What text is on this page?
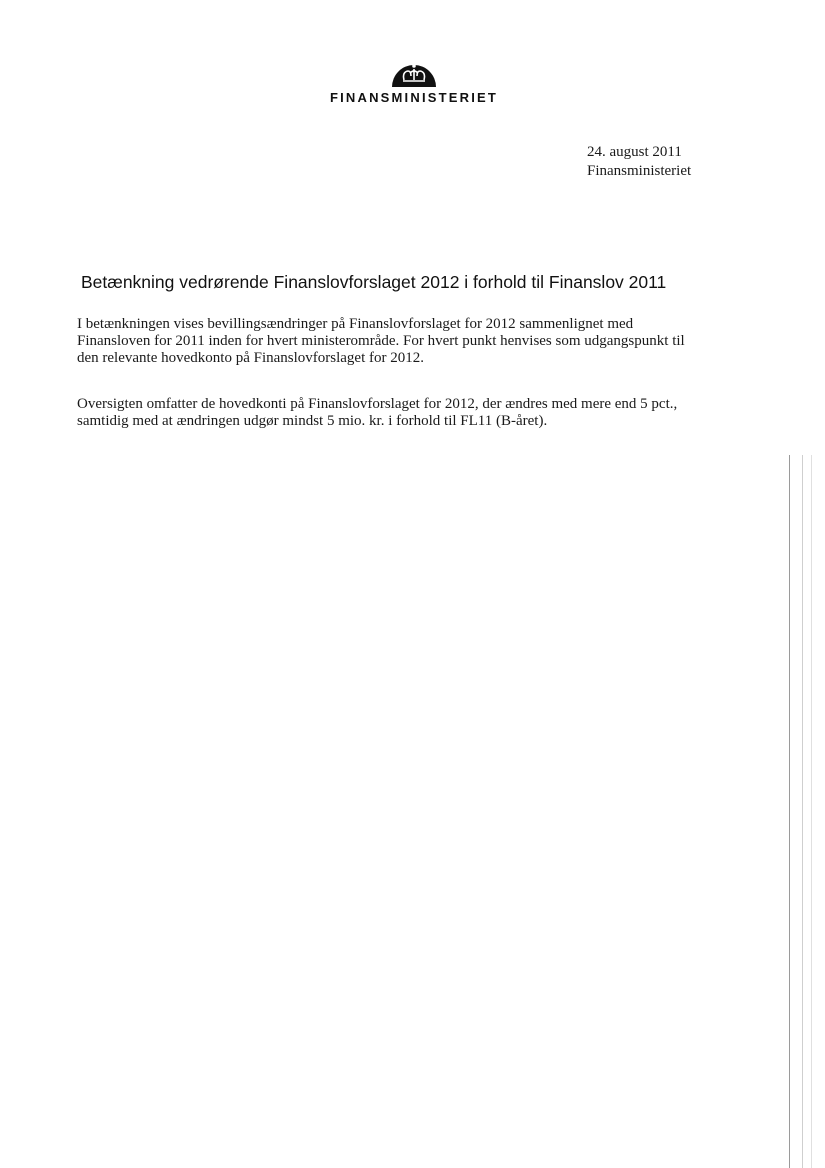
FINANSMINISTERIET
24. august 2011
Finansministeriet
Betænkning vedrørende Finanslovforslaget 2012 i forhold til Finanslov 2011
I betænkningen vises bevillingsændringer på Finanslovforslaget for 2012 sammenlignet med
Finansloven for 2011 inden for hvert ministerområde. For hvert punkt henvises som udgangspunkt til
den relevante hovedkonto på Finanslovforslaget for 2012.
Oversigten omfatter de hovedkonti på Finanslovforslaget for 2012, der ændres med mere end 5 pct.,
samtidig med at ændringen udgør mindst 5 mio. kr. i forhold til FL11 (B-året).
